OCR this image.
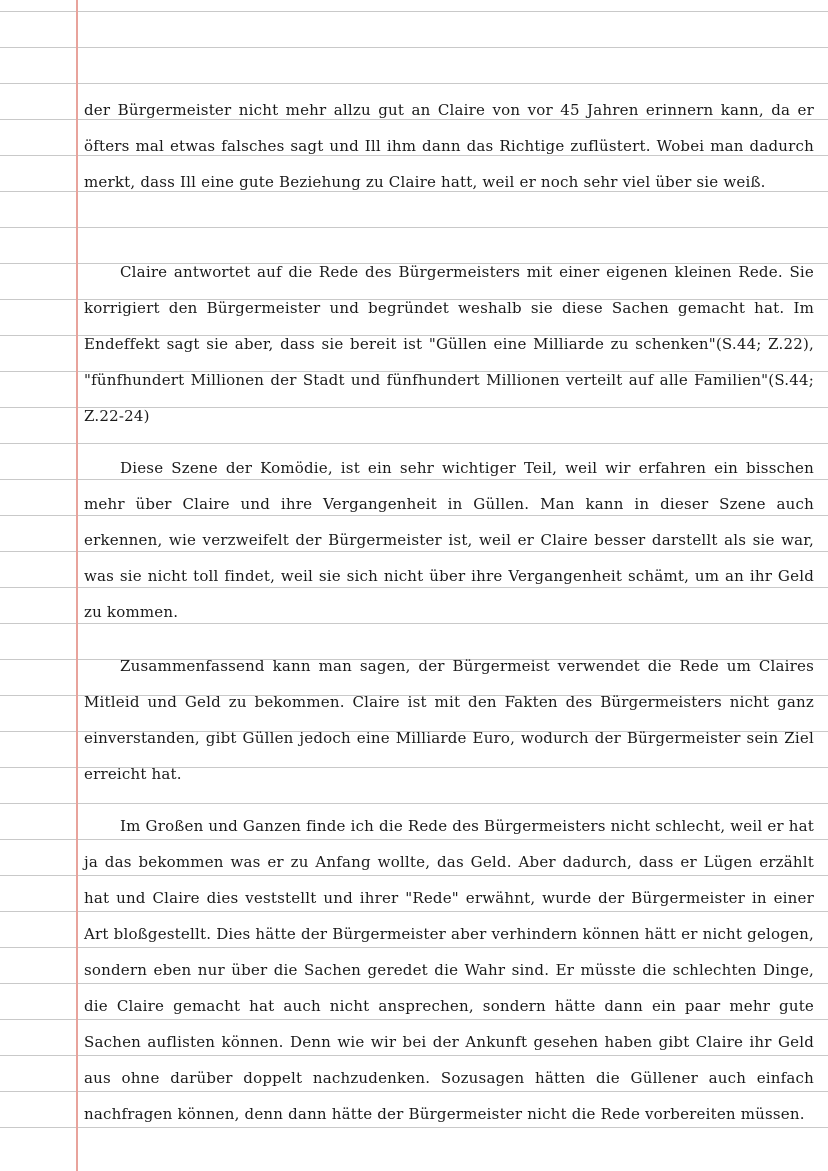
der Bürgermeister nicht mehr allzu gut an Claire von vor 45 Jahren erinnern kann, da er öfters mal etwas falsches sagt und Ill ihm dann das Richtige zuflüstert. Wobei man dadurch merkt, dass Ill eine gute Beziehung zu Claire hatt, weil er noch sehr viel über sie weiß.

Claire antwortet auf die Rede des Bürgermeisters mit einer eigenen kleinen Rede. Sie korrigiert den Bürgermeister und begründet weshalb sie diese Sachen gemacht hat. Im Endeffekt sagt sie aber, dass sie bereit ist "Güllen eine Milliarde zu schenken"(S.44; Z.22), "fünfhundert Millionen der Stadt und fünfhundert Millionen verteilt auf alle Familien"(S.44; Z.22-24)

Diese Szene der Komödie, ist ein sehr wichtiger Teil, weil wir erfahren ein bisschen mehr über Claire und ihre Vergangenheit in Güllen. Man kann in dieser Szene auch erkennen, wie verzweifelt der Bürgermeister ist, weil er Claire besser darstellt als sie war, was sie nicht toll findet, weil sie sich nicht über ihre Vergangenheit schämt, um an ihr Geld zu kommen.

Zusammenfassend kann man sagen, der Bürgermeist verwendet die Rede um Claires Mitleid und Geld zu bekommen. Claire ist mit den Fakten des Bürgermeisters nicht ganz einverstanden, gibt Güllen jedoch eine Milliarde Euro, wodurch der Bürgermeister sein Ziel erreicht hat.

Im Großen und Ganzen finde ich die Rede des Bürgermeisters nicht schlecht, weil er hat ja das bekommen was er zu Anfang wollte, das Geld. Aber dadurch, dass er Lügen erzählt hat und Claire dies veststellt und ihrer "Rede" erwähnt, wurde der Bürgermeister in einer Art bloßgestellt. Dies hätte der Bürgermeister aber verhindern können hätt er nicht gelogen, sondern eben nur über die Sachen geredet die Wahr sind. Er müsste die schlechten Dinge, die Claire gemacht hat auch nicht ansprechen, sondern hätte dann ein paar mehr gute Sachen auflisten können. Denn wie wir bei der Ankunft gesehen haben gibt Claire ihr Geld aus ohne darüber doppelt nachzudenken. Sozusagen hätten die Güllener auch einfach nachfragen können, denn dann hätte der Bürgermeister nicht die Rede vorbereiten müssen.
